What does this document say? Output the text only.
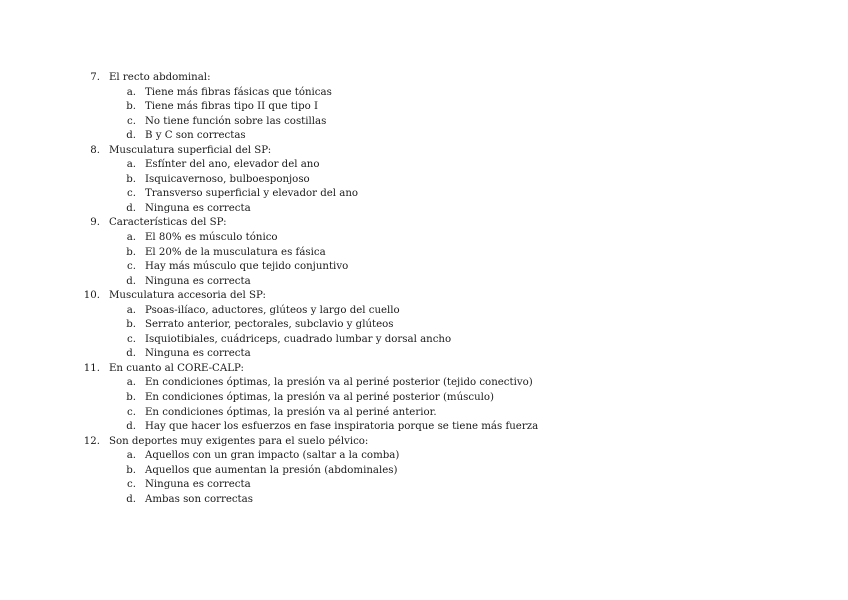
7. El recto abdominal:
a. Tiene más fibras fásicas que tónicas
b. Tiene más fibras tipo II que tipo I
c. No tiene función sobre las costillas
d. B y C son correctas
8. Musculatura superficial del SP:
a. Esfínter del ano, elevador del ano
b. Isquicavernoso, bulboesponjoso
c. Transverso superficial y elevador del ano
d. Ninguna es correcta
9. Características del SP:
a. El 80% es músculo tónico
b. El 20% de la musculatura es fásica
c. Hay más músculo que tejido conjuntivo
d. Ninguna es correcta
10. Musculatura accesoria del SP:
a. Psoas-ilíaco, aductores, glúteos y largo del cuello
b. Serrato anterior, pectorales, subclavio y glúteos
c. Isquiotibiales, cuádriceps, cuadrado lumbar y dorsal ancho
d. Ninguna es correcta
11. En cuanto al CORE-CALP:
a. En condiciones óptimas, la presión va al periné posterior (tejido conectivo)
b. En condiciones óptimas, la presión va al periné posterior (músculo)
c. En condiciones óptimas, la presión va al periné anterior.
d. Hay que hacer los esfuerzos en fase inspiratoria porque se tiene más fuerza
12. Son deportes muy exigentes para el suelo pélvico:
a. Aquellos con un gran impacto (saltar a la comba)
b. Aquellos que aumentan la presión (abdominales)
c. Ninguna es correcta
d. Ambas son correctas
